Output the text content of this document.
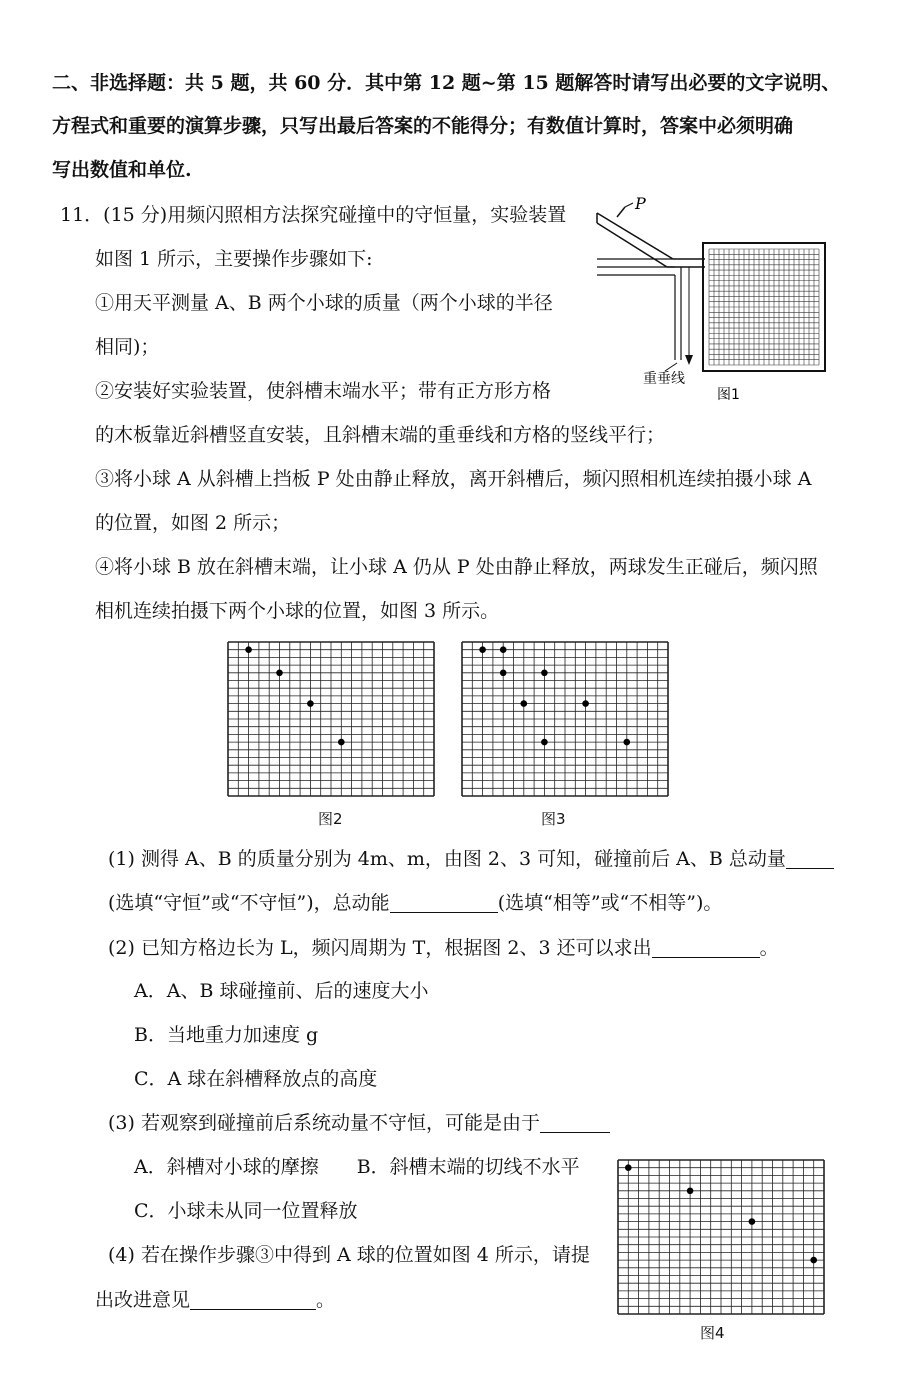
二、非选择题：共 5 题，共 60 分．其中第 12 题~第 15 题解答时请写出必要的文字说明、
方程式和重要的演算步骤，只写出最后答案的不能得分；有数值计算时，答案中必须明确
写出数值和单位.
11．(15 分)用频闪照相方法探究碰撞中的守恒量，实验装置
如图 1 所示，主要操作步骤如下:
①用天平测量 A、B 两个小球的质量（两个小球的半径
相同)；
②安装好实验装置，使斜槽末端水平；带有正方形方格
的木板靠近斜槽竖直安装，且斜槽末端的重垂线和方格的竖线平行；
③将小球 A 从斜槽上挡板 P 处由静止释放，离开斜槽后，频闪照相机连续拍摄小球 A
的位置，如图 2 所示；
④将小球 B 放在斜槽末端，让小球 A 仍从 P 处由静止释放，两球发生正碰后，频闪照
相机连续拍摄下两个小球的位置，如图 3 所示。
P
重垂线
图1
图2	图3
(1) 测得 A、B 的质量分别为 4m、m，由图 2、3 可知，碰撞前后 A、B 总动量
(选填“守恒”或“不守恒”)，总动能	(选填“相等”或“不相等”)。
(2) 已知方格边长为 L，频闪周期为 T，根据图 2、3 还可以求出	。
A．A、B 球碰撞前、后的速度大小
B．当地重力加速度 g
C．A 球在斜槽释放点的高度
(3) 若观察到碰撞前后系统动量不守恒，可能是由于
A．斜槽对小球的摩擦　　B．斜槽末端的切线不水平
C．小球未从同一位置释放
(4) 若在操作步骤③中得到 A 球的位置如图 4 所示，请提
出改进意见	。
图4
